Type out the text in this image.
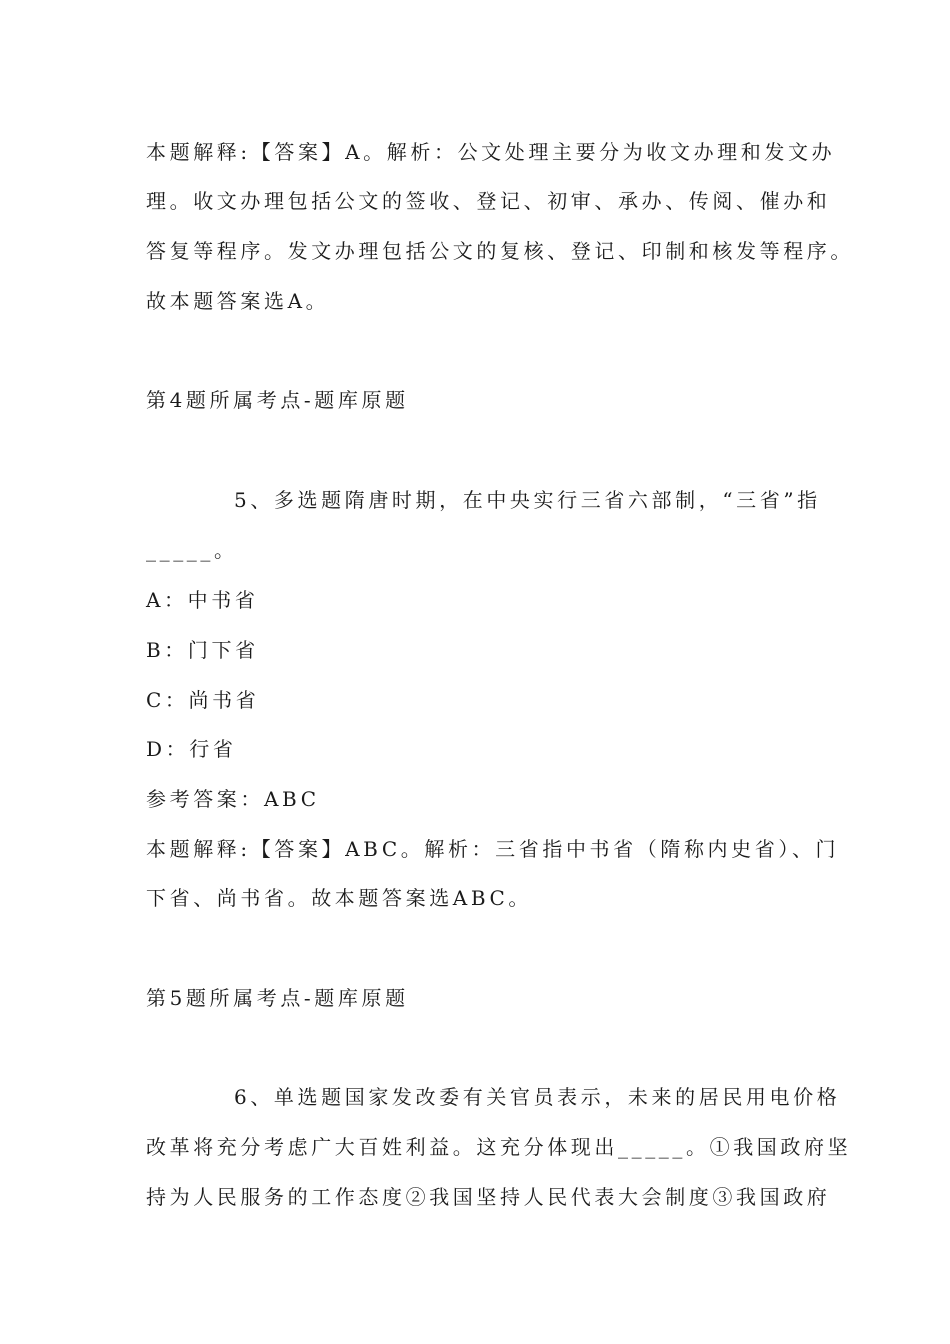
本题解释:【答案】A。解析：公文处理主要分为收文办理和发文办
理。收文办理包括公文的签收、登记、初审、承办、传阅、催办和
答复等程序。发文办理包括公文的复核、登记、印制和核发等程序。
故本题答案选A。
第4题所属考点-题库原题
5、多选题隋唐时期，在中央实行三省六部制，“三省”指
_____。
A：中书省
B：门下省
C：尚书省
D：行省
参考答案：ABC
本题解释:【答案】ABC。解析：三省指中书省（隋称内史省）、门
下省、尚书省。故本题答案选ABC。
第5题所属考点-题库原题
6、单选题国家发改委有关官员表示，未来的居民用电价格
改革将充分考虑广大百姓利益。这充分体现出_____。①我国政府坚
持为人民服务的工作态度②我国坚持人民代表大会制度③我国政府
